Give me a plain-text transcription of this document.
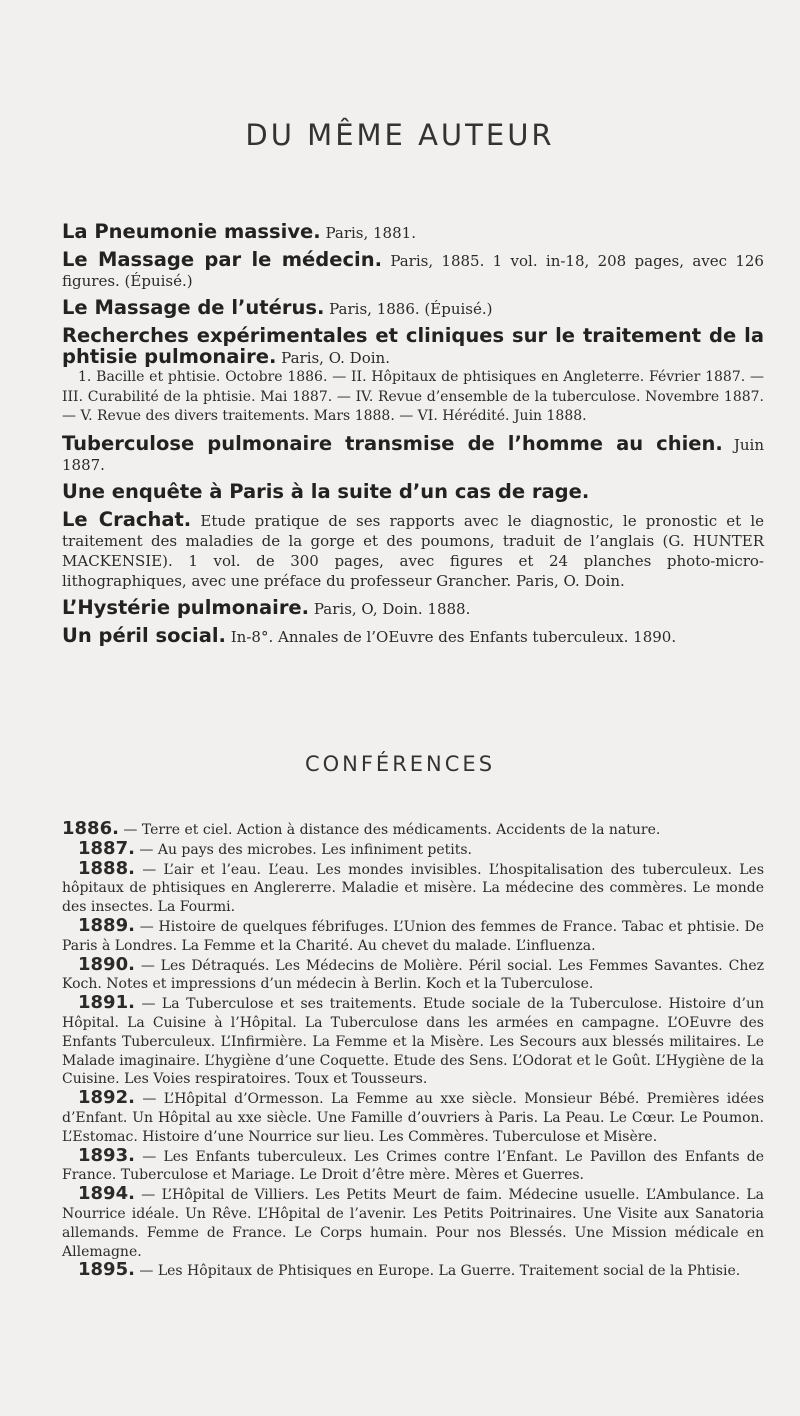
DU MÊME AUTEUR
La Pneumonie massive. Paris, 1881.
Le Massage par le médecin. Paris, 1885. 1 vol. in-18, 208 pages, avec 126 figures. (Épuisé.)
Le Massage de l’utérus. Paris, 1886. (Épuisé.)
Recherches expérimentales et cliniques sur le traitement de la phtisie pulmonaire. Paris, O. Doin.

1. Bacille et phtisie. Octobre 1886. — II. Hôpitaux de phtisiques en Angleterre. Février 1887. — III. Curabilité de la phtisie. Mai 1887. — IV. Revue d’ensemble de la tuberculose. Novembre 1887. — V. Revue des divers traitements. Mars 1888. — VI. Hérédité. Juin 1888.

Tuberculose pulmonaire transmise de l’homme au chien. Juin 1887.
Une enquête à Paris à la suite d’un cas de rage.
Le Crachat. Etude pratique de ses rapports avec le diagnostic, le pronostic et le traitement des maladies de la gorge et des poumons, traduit de l’anglais (G. HUNTER MACKENSIE). 1 vol. de 300 pages, avec figures et 24 planches photo-micro-lithographiques, avec une préface du professeur Grancher. Paris, O. Doin.
L’Hystérie pulmonaire. Paris, O, Doin. 1888.
Un péril social. In-8°. Annales de l’OEuvre des Enfants tuberculeux. 1890.
CONFÉRENCES

1886. — Terre et ciel. Action à distance des médicaments. Accidents de la nature.

1887. — Au pays des microbes. Les infiniment petits.

1888. — L’air et l’eau. L’eau. Les mondes invisibles. L’hospitalisation des tuberculeux. Les hôpitaux de phtisiques en Anglererre. Maladie et misère. La médecine des commères. Le monde des insectes. La Fourmi.

1889. — Histoire de quelques fébrifuges. L’Union des femmes de France. Tabac et phtisie. De Paris à Londres. La Femme et la Charité. Au chevet du malade. L’influenza.

1890. — Les Détraqués. Les Médecins de Molière. Péril social. Les Femmes Savantes. Chez Koch. Notes et impressions d’un médecin à Berlin. Koch et la Tuberculose.

1891. — La Tuberculose et ses traitements. Etude sociale de la Tuberculose. Histoire d’un Hôpital. La Cuisine à l’Hôpital. La Tuberculose dans les armées en campagne. L’OEuvre des Enfants Tuberculeux. L’Infirmière. La Femme et la Misère. Les Secours aux blessés militaires. Le Malade imaginaire. L’hygiène d’une Coquette. Etude des Sens. L’Odorat et le Goût. L’Hygiène de la Cuisine. Les Voies respiratoires. Toux et Tousseurs.

1892. — L’Hôpital d’Ormesson. La Femme au xxe siècle. Monsieur Bébé. Premières idées d’Enfant. Un Hôpital au xxe siècle. Une Famille d’ouvriers à Paris. La Peau. Le Cœur. Le Poumon. L’Estomac. Histoire d’une Nourrice sur lieu. Les Commères. Tuberculose et Misère.

1893. — Les Enfants tuberculeux. Les Crimes contre l’Enfant. Le Pavillon des Enfants de France. Tuberculose et Mariage. Le Droit d’être mère. Mères et Guerres.

1894. — L’Hôpital de Villiers. Les Petits Meurt de faim. Médecine usuelle. L’Ambulance. La Nourrice idéale. Un Rêve. L’Hôpital de l’avenir. Les Petits Poitrinaires. Une Visite aux Sanatoria allemands. Femme de France. Le Corps humain. Pour nos Blessés. Une Mission médicale en Allemagne.

1895. — Les Hôpitaux de Phtisiques en Europe. La Guerre. Traitement social de la Phtisie.
